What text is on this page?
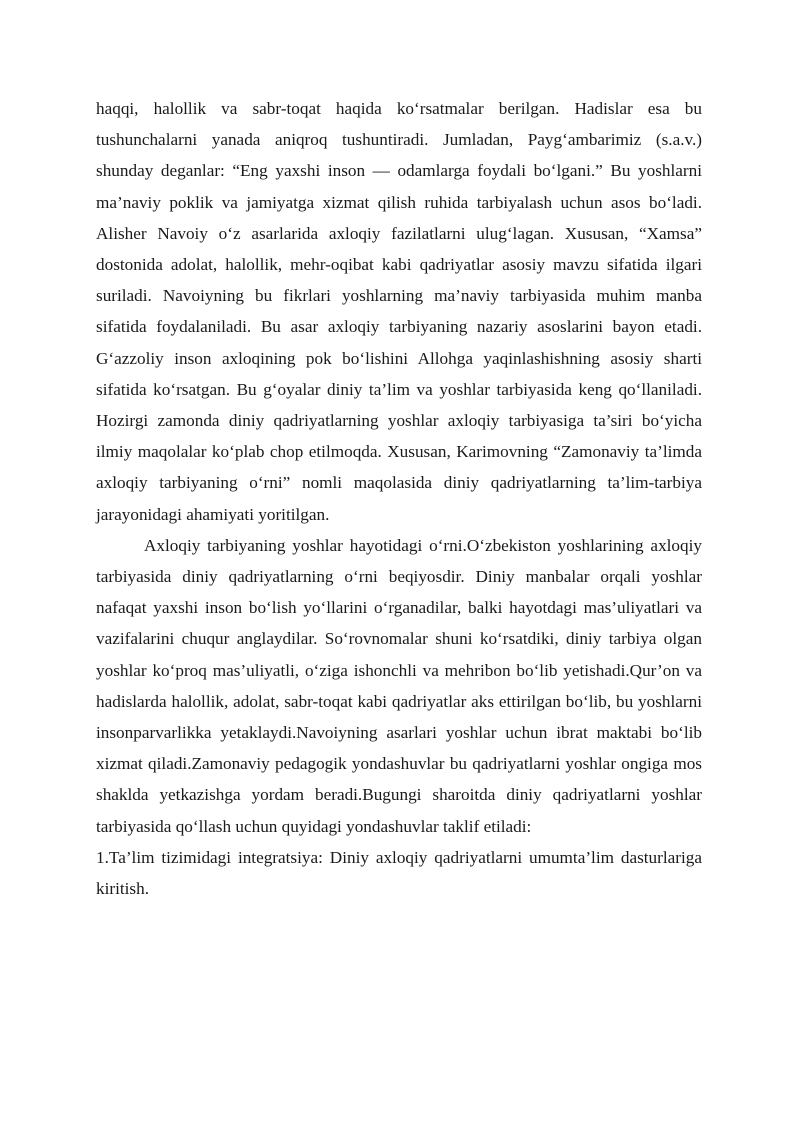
haqqi, halollik va sabr-toqat haqida ko‘rsatmalar berilgan. Hadislar esa bu tushunchalarni yanada aniqroq tushuntiradi. Jumladan, Payg‘ambarimiz (s.a.v.) shunday deganlar: “Eng yaxshi inson — odamlarga foydali bo‘lgani.” Bu yoshlarni ma’naviy poklik va jamiyatga xizmat qilish ruhida tarbiyalash uchun asos bo‘ladi. Alisher Navoiy o‘z asarlarida axloqiy fazilatlarni ulug‘lagan. Xususan, “Xamsa” dostonida adolat, halollik, mehr-oqibat kabi qadriyatlar asosiy mavzu sifatida ilgari suriladi. Navoiyning bu fikrlari yoshlarning ma’naviy tarbiyasida muhim manba sifatida foydalaniladi. Bu asar axloqiy tarbiyaning nazariy asoslarini bayon etadi. G‘azzoliy inson axloqining pok bo‘lishini Allohga yaqinlashishning asosiy sharti sifatida ko‘rsatgan. Bu g‘oyalar diniy ta’lim va yoshlar tarbiyasida keng qo‘llaniladi. Hozirgi zamonda diniy qadriyatlarning yoshlar axloqiy tarbiyasiga ta’siri bo‘yicha ilmiy maqolalar ko‘plab chop etilmoqda. Xususan, Karimovning “Zamonaviy ta’limda axloqiy tarbiyaning o‘rni” nomli maqolasida diniy qadriyatlarning ta’lim-tarbiya jarayonidagi ahamiyati yoritilgan.

Axloqiy tarbiyaning yoshlar hayotidagi o‘rni.O‘zbekiston yoshlarining axloqiy tarbiyasida diniy qadriyatlarning o‘rni beqiyosdir. Diniy manbalar orqali yoshlar nafaqat yaxshi inson bo‘lish yo‘llarini o‘rganadilar, balki hayotdagi mas’uliyatlari va vazifalarini chuqur anglaydilar. So‘rovnomalar shuni ko‘rsatdiki, diniy tarbiya olgan yoshlar ko‘proq mas’uliyatli, o‘ziga ishonchli va mehribon bo‘lib yetishadi.Qur’on va hadislarda halollik, adolat, sabr-toqat kabi qadriyatlar aks ettirilgan bo‘lib, bu yoshlarni insonparvarlikka yetaklaydi.Navoiyning asarlari yoshlar uchun ibrat maktabi bo‘lib xizmat qiladi.Zamonaviy pedagogik yondashuvlar bu qadriyatlarni yoshlar ongiga mos shaklda yetkazishga yordam beradi.Bugungi sharoitda diniy qadriyatlarni yoshlar tarbiyasida qo‘llash uchun quyidagi yondashuvlar taklif etiladi:

1.Ta’lim tizimidagi integratsiya: Diniy axloqiy qadriyatlarni umumta’lim dasturlariga kiritish.
